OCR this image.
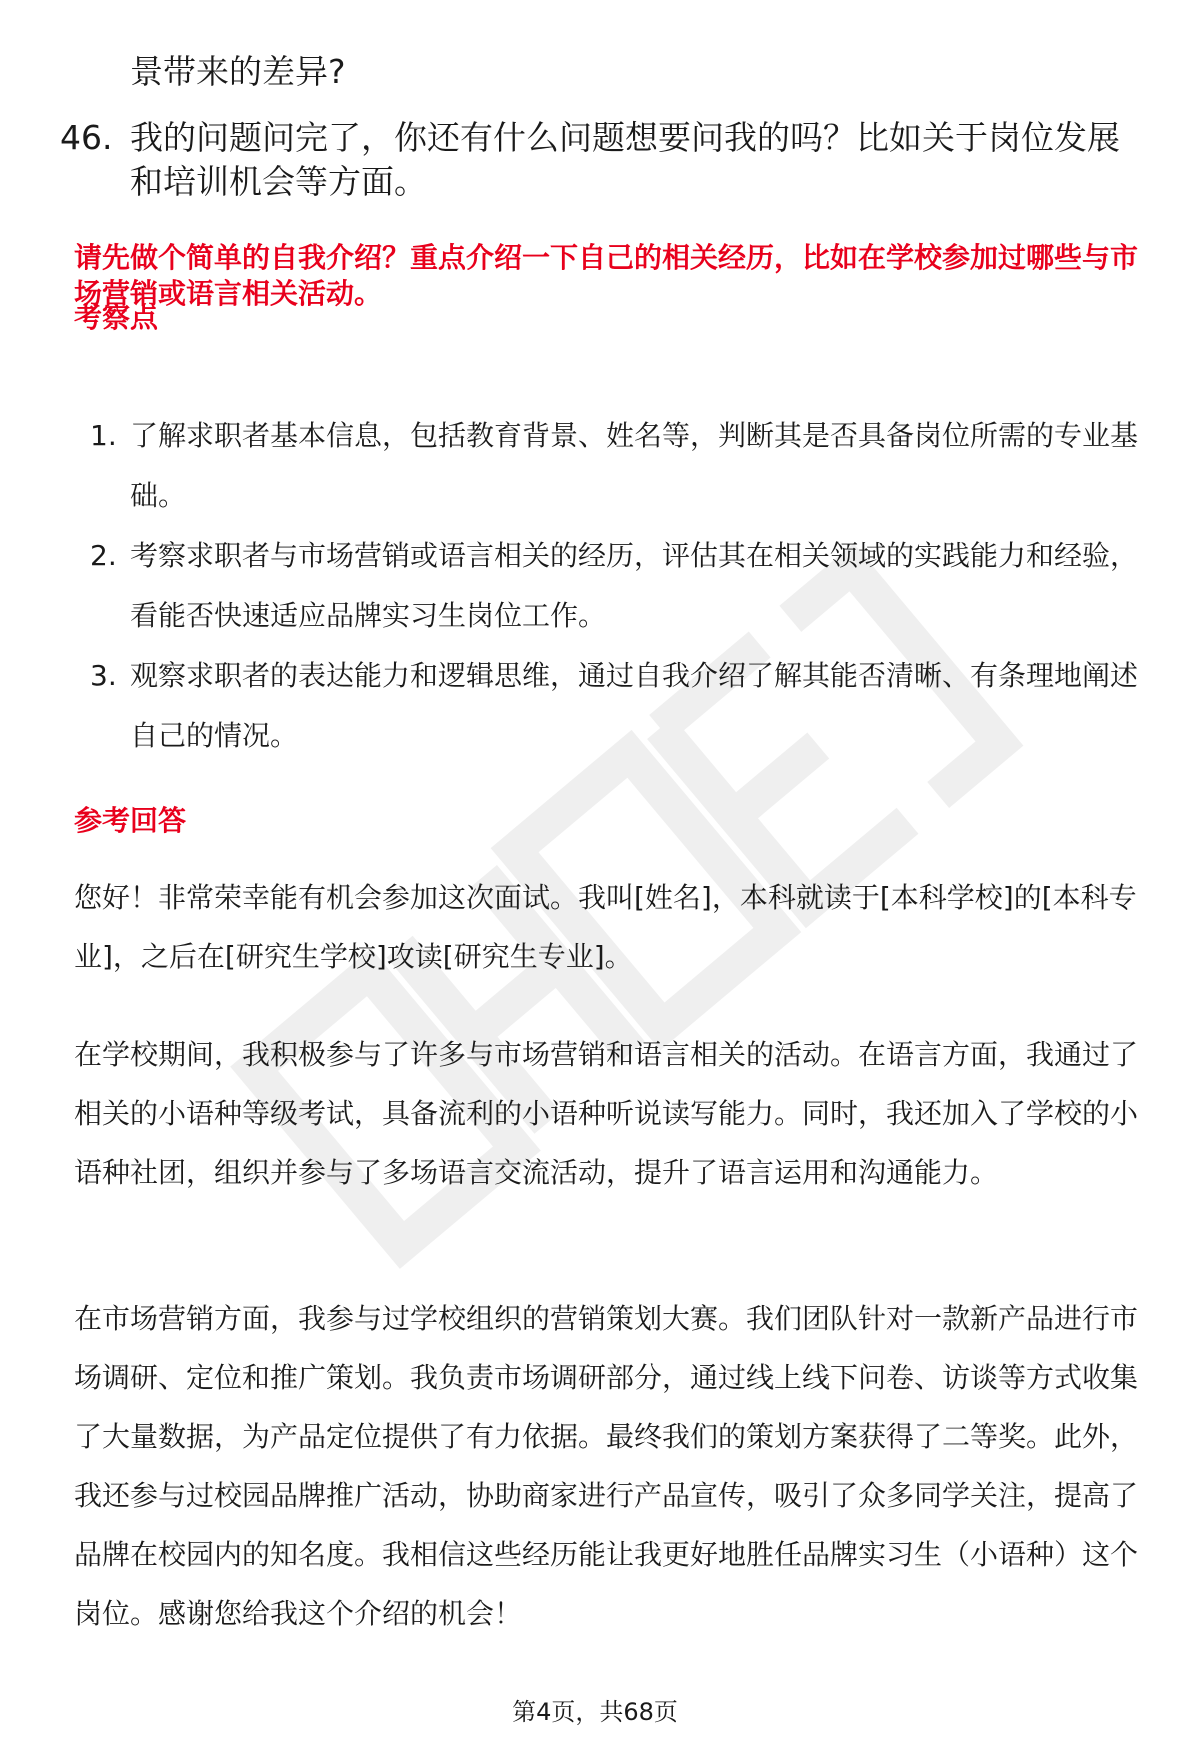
景带来的差异?

46. 我的问题问完了，你还有什么问题想要问我的吗？比如关于岗位发展和培训机会等方面。

请先做个简单的自我介绍？重点介绍一下自己的相关经历，比如在学校参加过哪些与市场营销或语言相关活动。

考察点

1. 了解求职者基本信息，包括教育背景、姓名等，判断其是否具备岗位所需的专业基础。
2. 考察求职者与市场营销或语言相关的经历，评估其在相关领域的实践能力和经验，看能否快速适应品牌实习生岗位工作。
3. 观察求职者的表达能力和逻辑思维，通过自我介绍了解其能否清晰、有条理地阐述自己的情况。

参考回答

您好！非常荣幸能有机会参加这次面试。我叫[姓名]，本科就读于[本科学校]的[本科专业]，之后在[研究生学校]攻读[研究生专业]。

在学校期间，我积极参与了许多与市场营销和语言相关的活动。在语言方面，我通过了相关的小语种等级考试，具备流利的小语种听说读写能力。同时，我还加入了学校的小语种社团，组织并参与了多场语言交流活动，提升了语言运用和沟通能力。

在市场营销方面，我参与过学校组织的营销策划大赛。我们团队针对一款新产品进行市场调研、定位和推广策划。我负责市场调研部分，通过线上线下问卷、访谈等方式收集了大量数据，为产品定位提供了有力依据。最终我们的策划方案获得了二等奖。此外，我还参与过校园品牌推广活动，协助商家进行产品宣传，吸引了众多同学关注，提高了品牌在校园内的知名度。我相信这些经历能让我更好地胜任品牌实习生（小语种）这个岗位。感谢您给我这个介绍的机会！

第4页，共68页
